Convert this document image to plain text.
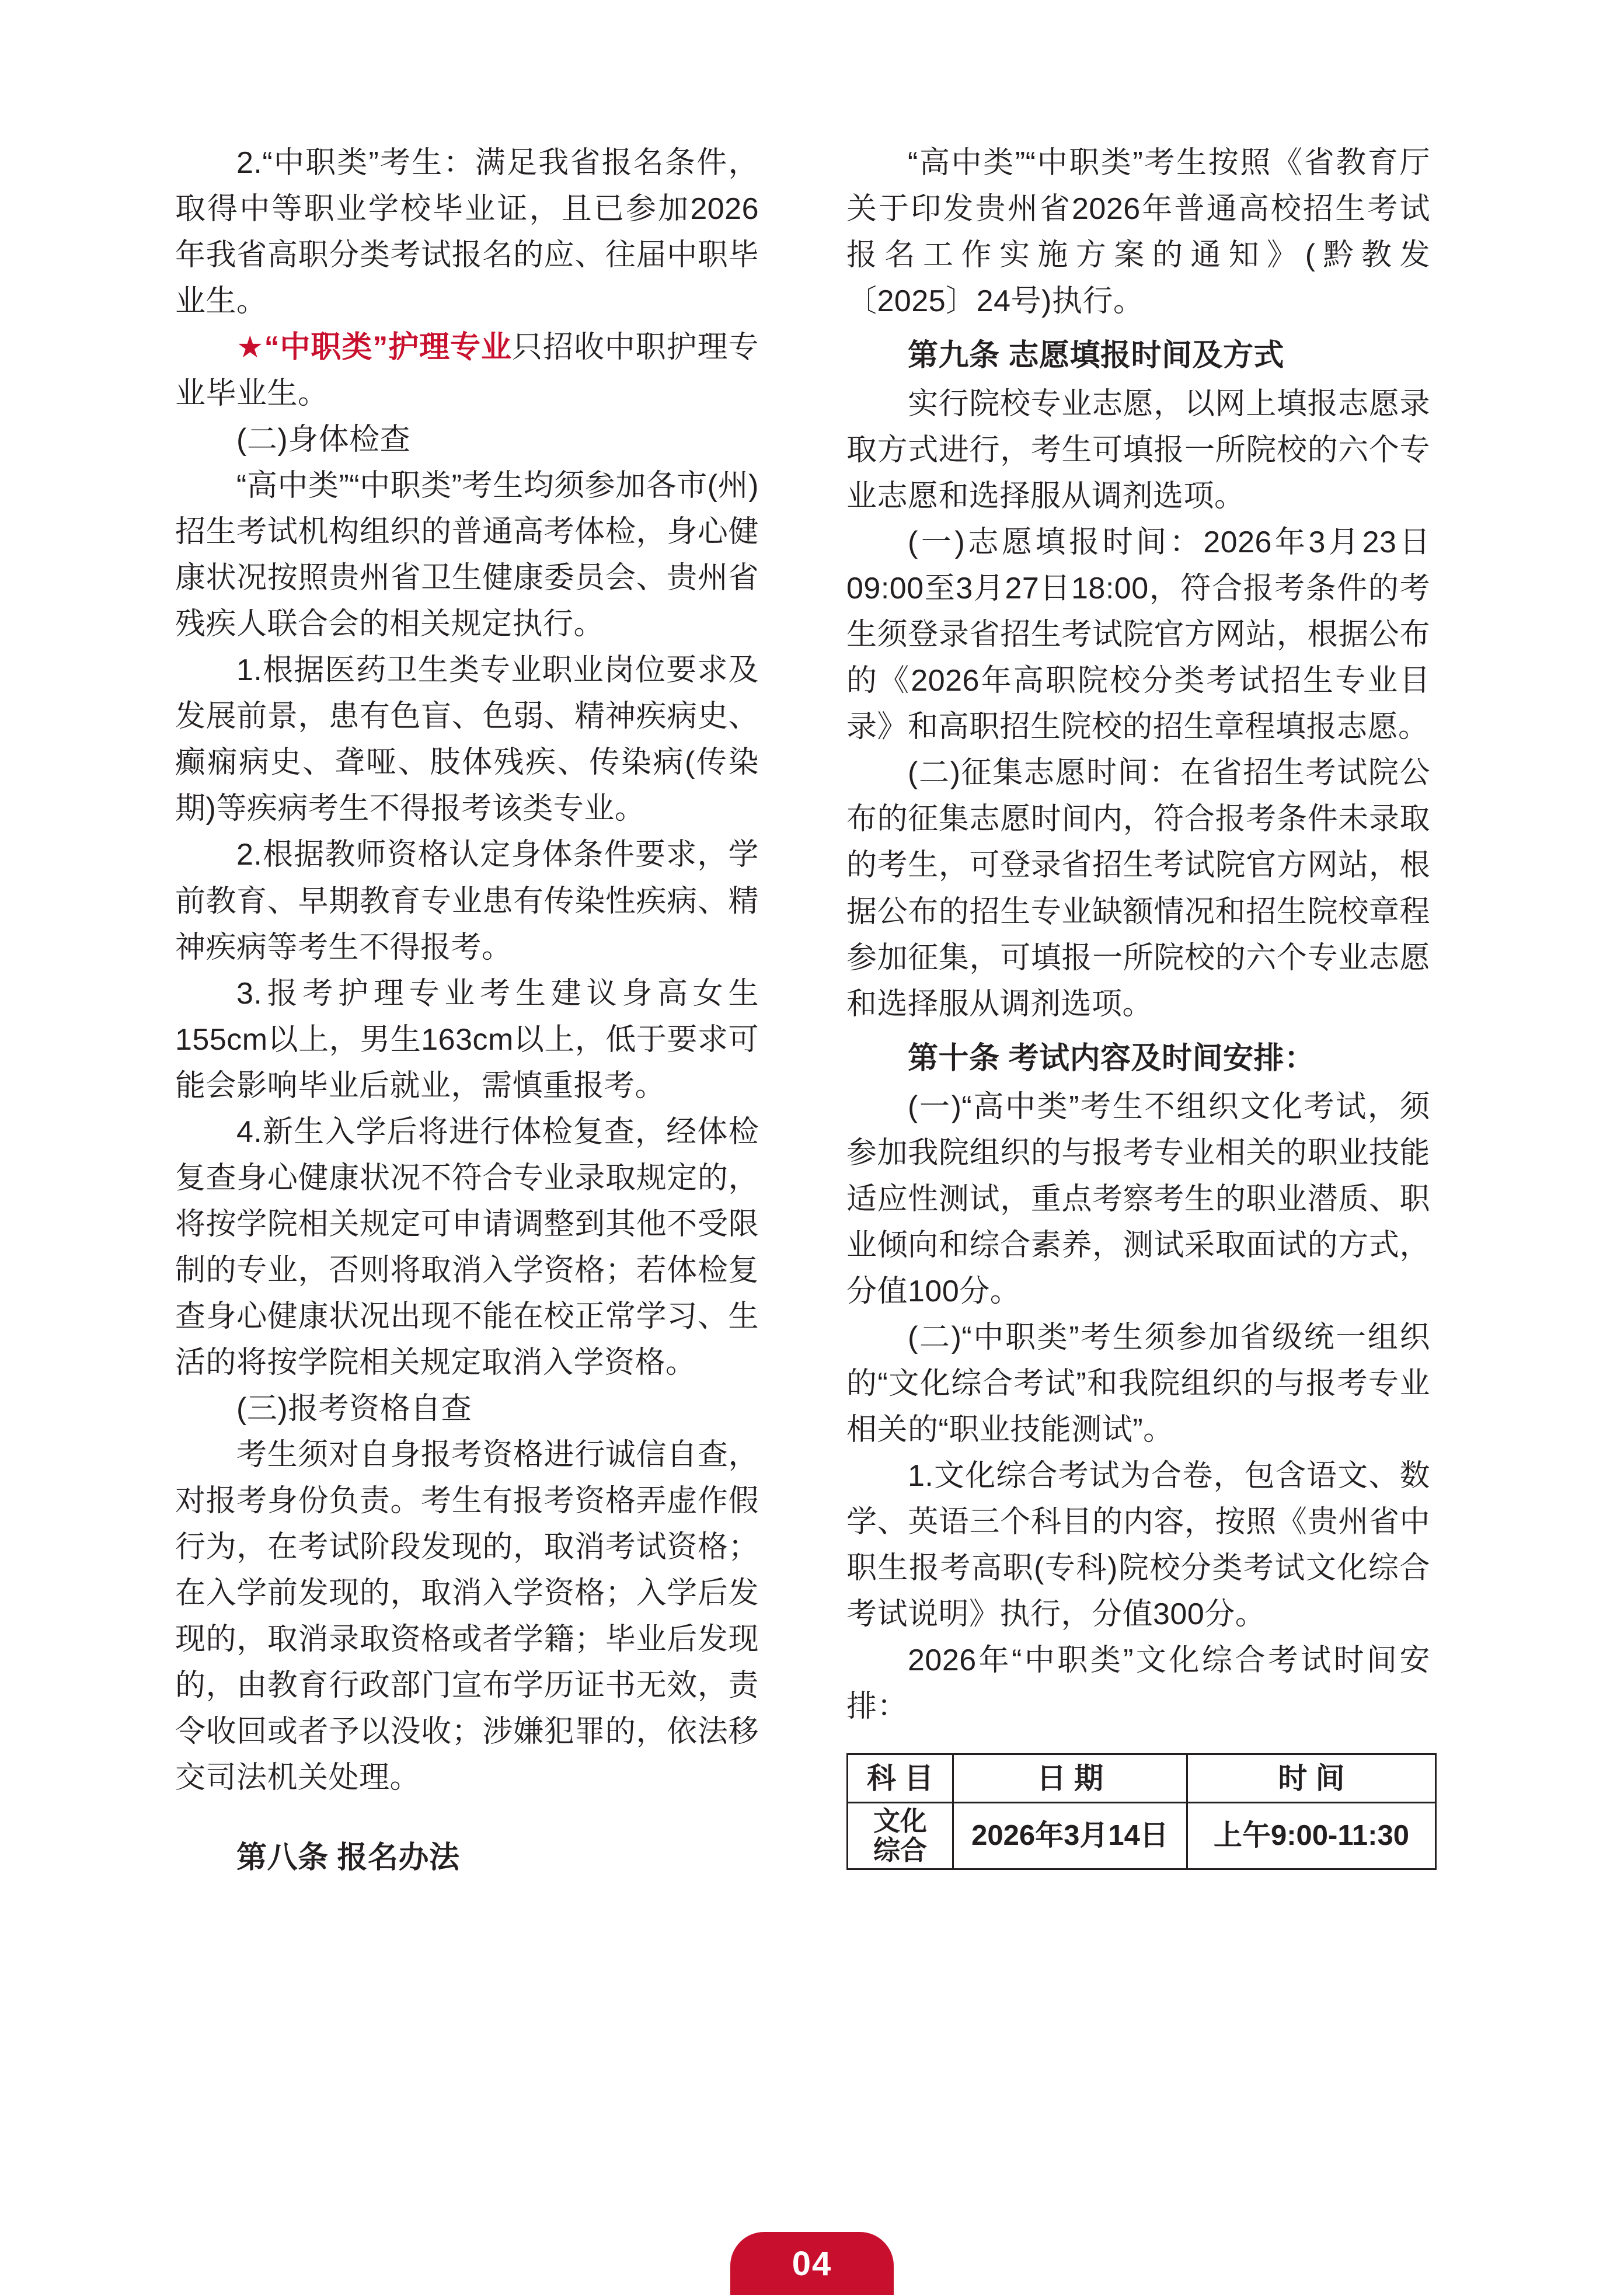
2.“中职类”考生：满足我省报名条件，取得中等职业学校毕业证，且已参加2026年我省高职分类考试报名的应、往届中职毕业生。

★“中职类”护理专业只招收中职护理专业毕业生。

(二)身体检查

“高中类”“中职类”考生均须参加各市(州)招生考试机构组织的普通高考体检，身心健康状况按照贵州省卫生健康委员会、贵州省残疾人联合会的相关规定执行。

1.根据医药卫生类专业职业岗位要求及发展前景，患有色盲、色弱、精神疾病史、癫痫病史、聋哑、肢体残疾、传染病(传染期)等疾病考生不得报考该类专业。

2.根据教师资格认定身体条件要求，学前教育、早期教育专业患有传染性疾病、精神疾病等考生不得报考。

3.报考护理专业考生建议身高女生155cm以上，男生163cm以上，低于要求可能会影响毕业后就业，需慎重报考。

4.新生入学后将进行体检复查，经体检复查身心健康状况不符合专业录取规定的，将按学院相关规定可申请调整到其他不受限制的专业，否则将取消入学资格；若体检复查身心健康状况出现不能在校正常学习、生活的将按学院相关规定取消入学资格。

(三)报考资格自查

考生须对自身报考资格进行诚信自查，对报考身份负责。考生有报考资格弄虚作假行为，在考试阶段发现的，取消考试资格；在入学前发现的，取消入学资格；入学后发现的，取消录取资格或者学籍；毕业后发现的，由教育行政部门宣布学历证书无效，责令收回或者予以没收；涉嫌犯罪的，依法移交司法机关处理。

第八条 报名办法

“高中类”“中职类”考生按照《省教育厅关于印发贵州省2026年普通高校招生考试报名工作实施方案的通知》(黔教发〔2025〕24号)执行。

第九条 志愿填报时间及方式

实行院校专业志愿，以网上填报志愿录取方式进行，考生可填报一所院校的六个专业志愿和选择服从调剂选项。

(一)志愿填报时间：2026年3月23日09:00至3月27日18:00，符合报考条件的考生须登录省招生考试院官方网站，根据公布的《2026年高职院校分类考试招生专业目录》和高职招生院校的招生章程填报志愿。

(二)征集志愿时间：在省招生考试院公布的征集志愿时间内，符合报考条件未录取的考生，可登录省招生考试院官方网站，根据公布的招生专业缺额情况和招生院校章程参加征集，可填报一所院校的六个专业志愿和选择服从调剂选项。

第十条 考试内容及时间安排：

(一)“高中类”考生不组织文化考试，须参加我院组织的与报考专业相关的职业技能适应性测试，重点考察考生的职业潜质、职业倾向和综合素养，测试采取面试的方式，分值100分。

(二)“中职类”考生须参加省级统一组织的“文化综合考试”和我院组织的与报考专业相关的“职业技能测试”。

1.文化综合考试为合卷，包含语文、数学、英语三个科目的内容，按照《贵州省中职生报考高职(专科)院校分类考试文化综合考试说明》执行，分值300分。

2026年“中职类”文化综合考试时间安排：

科目	日期	时间

文化
综合	2026年3月14日	上午9:00-11:30
04
